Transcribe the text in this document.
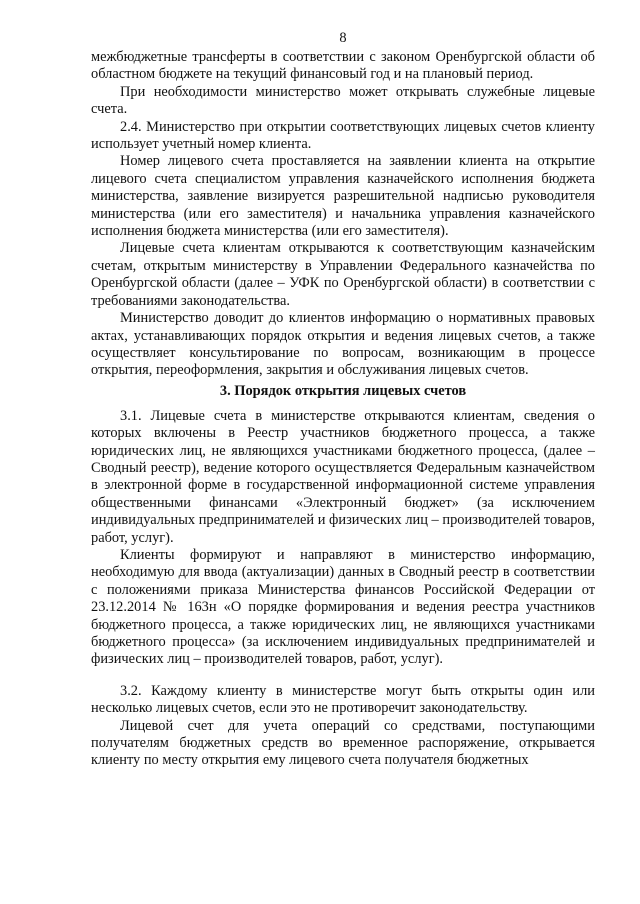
8

межбюджетные трансферты в соответствии с законом Оренбургской области об областном бюджете на текущий финансовый год и на плановый период.

При необходимости министерство может открывать служебные лицевые счета.

2.4. Министерство при открытии соответствующих лицевых счетов клиенту использует учетный номер клиента.

Номер лицевого счета проставляется на заявлении клиента на открытие лицевого счета специалистом управления казначейского исполнения бюджета министерства, заявление визируется разрешительной надписью руководителя министерства (или его заместителя) и начальника управления казначейского исполнения бюджета министерства (или его заместителя).

Лицевые счета клиентам открываются к соответствующим казначейским счетам, открытым министерству в Управлении Федерального казначейства по Оренбургской области (далее – УФК по Оренбургской области) в соответствии с требованиями законодательства.

Министерство доводит до клиентов информацию о нормативных правовых актах, устанавливающих порядок открытия и ведения лицевых счетов, а также осуществляет консультирование по вопросам, возникающим в процессе открытия, переоформления, закрытия и обслуживания лицевых счетов.

3. Порядок открытия лицевых счетов

3.1. Лицевые счета в министерстве открываются клиентам, сведения о которых включены в Реестр участников бюджетного процесса, а также юридических лиц, не являющихся участниками бюджетного процесса, (далее – Сводный реестр), ведение которого осуществляется Федеральным казначейством в электронной форме в государственной информационной системе управления общественными финансами «Электронный бюджет» (за исключением индивидуальных предпринимателей и физических лиц – производителей товаров, работ, услуг).

Клиенты формируют и направляют в министерство информацию, необходимую для ввода (актуализации) данных в Сводный реестр в соответствии с положениями приказа Министерства финансов Российской Федерации от 23.12.2014 № 163н «О порядке формирования и ведения реестра участников бюджетного процесса, а также юридических лиц, не являющихся участниками бюджетного процесса» (за исключением индивидуальных предпринимателей и физических лиц – производителей товаров, работ, услуг).

3.2. Каждому клиенту в министерстве могут быть открыты один или несколько лицевых счетов, если это не противоречит законодательству.

Лицевой счет для учета операций со средствами, поступающими получателям бюджетных средств во временное распоряжение, открывается клиенту по месту открытия ему лицевого счета получателя бюджетных
